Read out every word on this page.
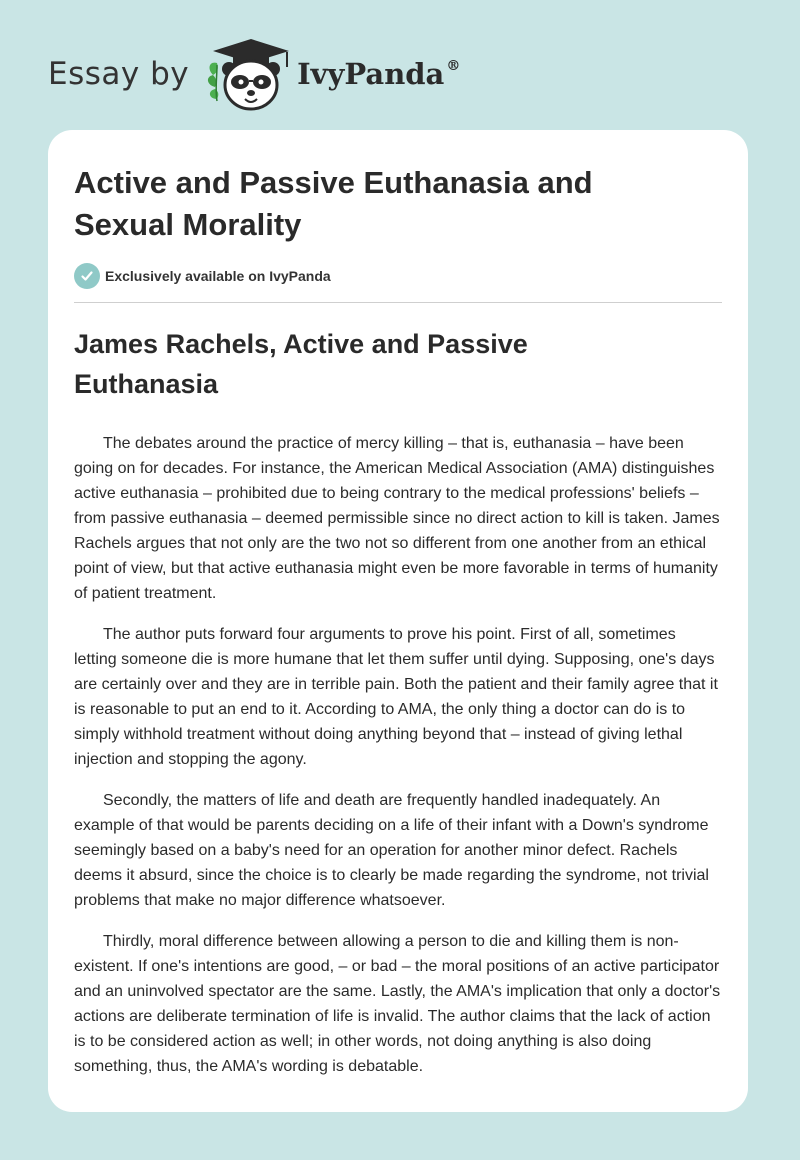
Essay by	IvyPanda®
Active and Passive Euthanasia and Sexual Morality
Exclusively available on IvyPanda
James Rachels, Active and Passive Euthanasia

The debates around the practice of mercy killing – that is, euthanasia – have been going on for decades. For instance, the American Medical Association (AMA) distinguishes active euthanasia – prohibited due to being contrary to the medical professions' beliefs – from passive euthanasia – deemed permissible since no direct action to kill is taken. James Rachels argues that not only are the two not so different from one another from an ethical point of view, but that active euthanasia might even be more favorable in terms of humanity of patient treatment.

The author puts forward four arguments to prove his point. First of all, sometimes letting someone die is more humane that let them suffer until dying. Supposing, one's days are certainly over and they are in terrible pain. Both the patient and their family agree that it is reasonable to put an end to it. According to AMA, the only thing a doctor can do is to simply withhold treatment without doing anything beyond that – instead of giving lethal injection and stopping the agony.

Secondly, the matters of life and death are frequently handled inadequately. An example of that would be parents deciding on a life of their infant with a Down's syndrome seemingly based on a baby's need for an operation for another minor defect. Rachels deems it absurd, since the choice is to clearly be made regarding the syndrome, not trivial problems that make no major difference whatsoever.

Thirdly, moral difference between allowing a person to die and killing them is non-existent. If one's intentions are good, – or bad – the moral positions of an active participator and an uninvolved spectator are the same. Lastly, the AMA's implication that only a doctor's actions are deliberate termination of life is invalid. The author claims that the lack of action is to be considered action as well; in other words, not doing anything is also doing something, thus, the AMA's wording is debatable.
